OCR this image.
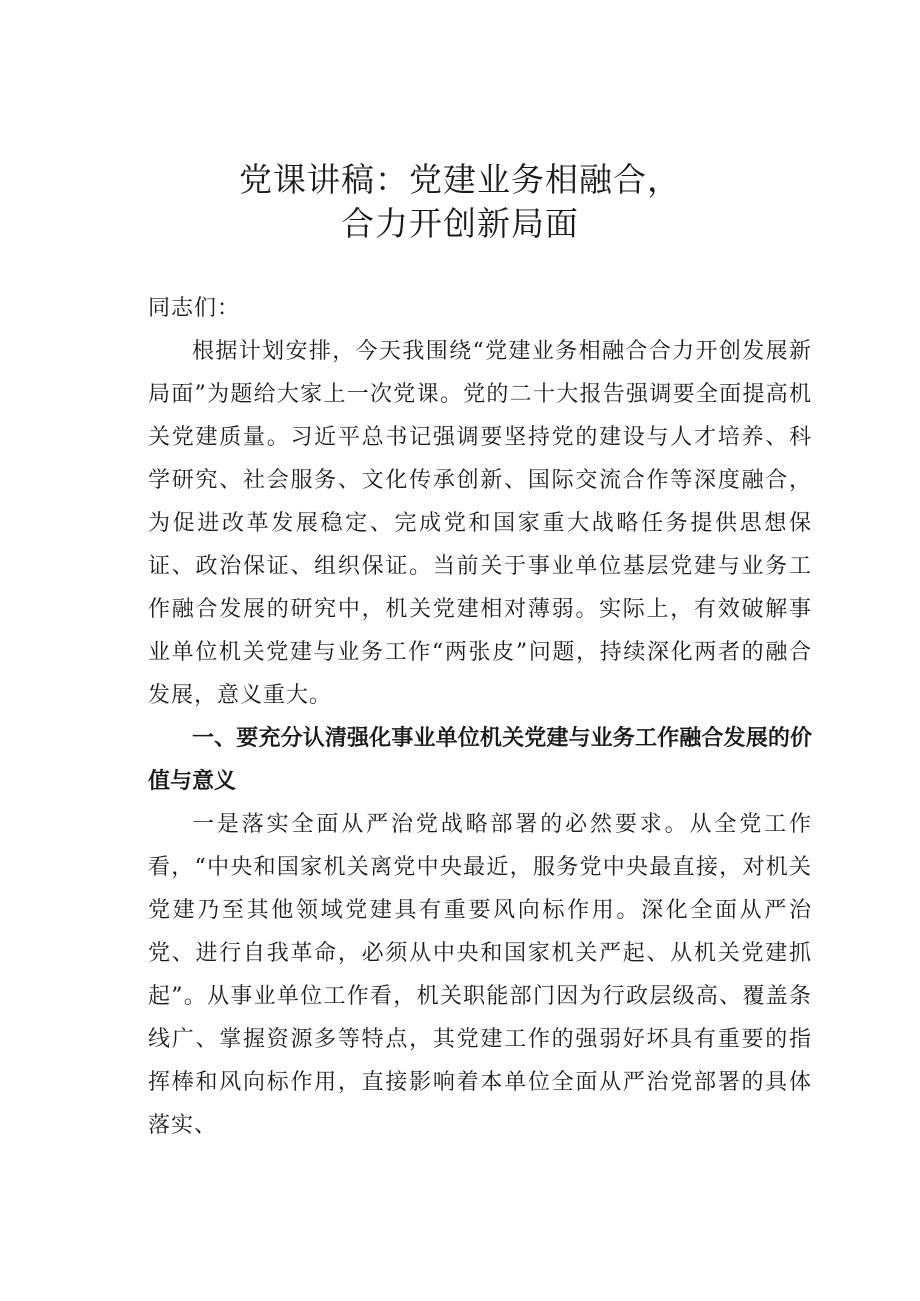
党课讲稿：党建业务相融合，
合力开创新局面

同志们：

根据计划安排，今天我围绕“党建业务相融合合力开创发展新局面”为题给大家上一次党课。党的二十大报告强调要全面提高机关党建质量。习近平总书记强调要坚持党的建设与人才培养、科学研究、社会服务、文化传承创新、国际交流合作等深度融合，为促进改革发展稳定、完成党和国家重大战略任务提供思想保证、政治保证、组织保证。当前关于事业单位基层党建与业务工作融合发展的研究中，机关党建相对薄弱。实际上，有效破解事业单位机关党建与业务工作“两张皮”问题，持续深化两者的融合发展，意义重大。

一、要充分认清强化事业单位机关党建与业务工作融合发展的价值与意义

一是落实全面从严治党战略部署的必然要求。从全党工作看，“中央和国家机关离党中央最近，服务党中央最直接，对机关党建乃至其他领域党建具有重要风向标作用。深化全面从严治党、进行自我革命，必须从中央和国家机关严起、从机关党建抓起”。从事业单位工作看，机关职能部门因为行政层级高、覆盖条线广、掌握资源多等特点，其党建工作的强弱好坏具有重要的指挥棒和风向标作用，直接影响着本单位全面从严治党部署的具体落实、
